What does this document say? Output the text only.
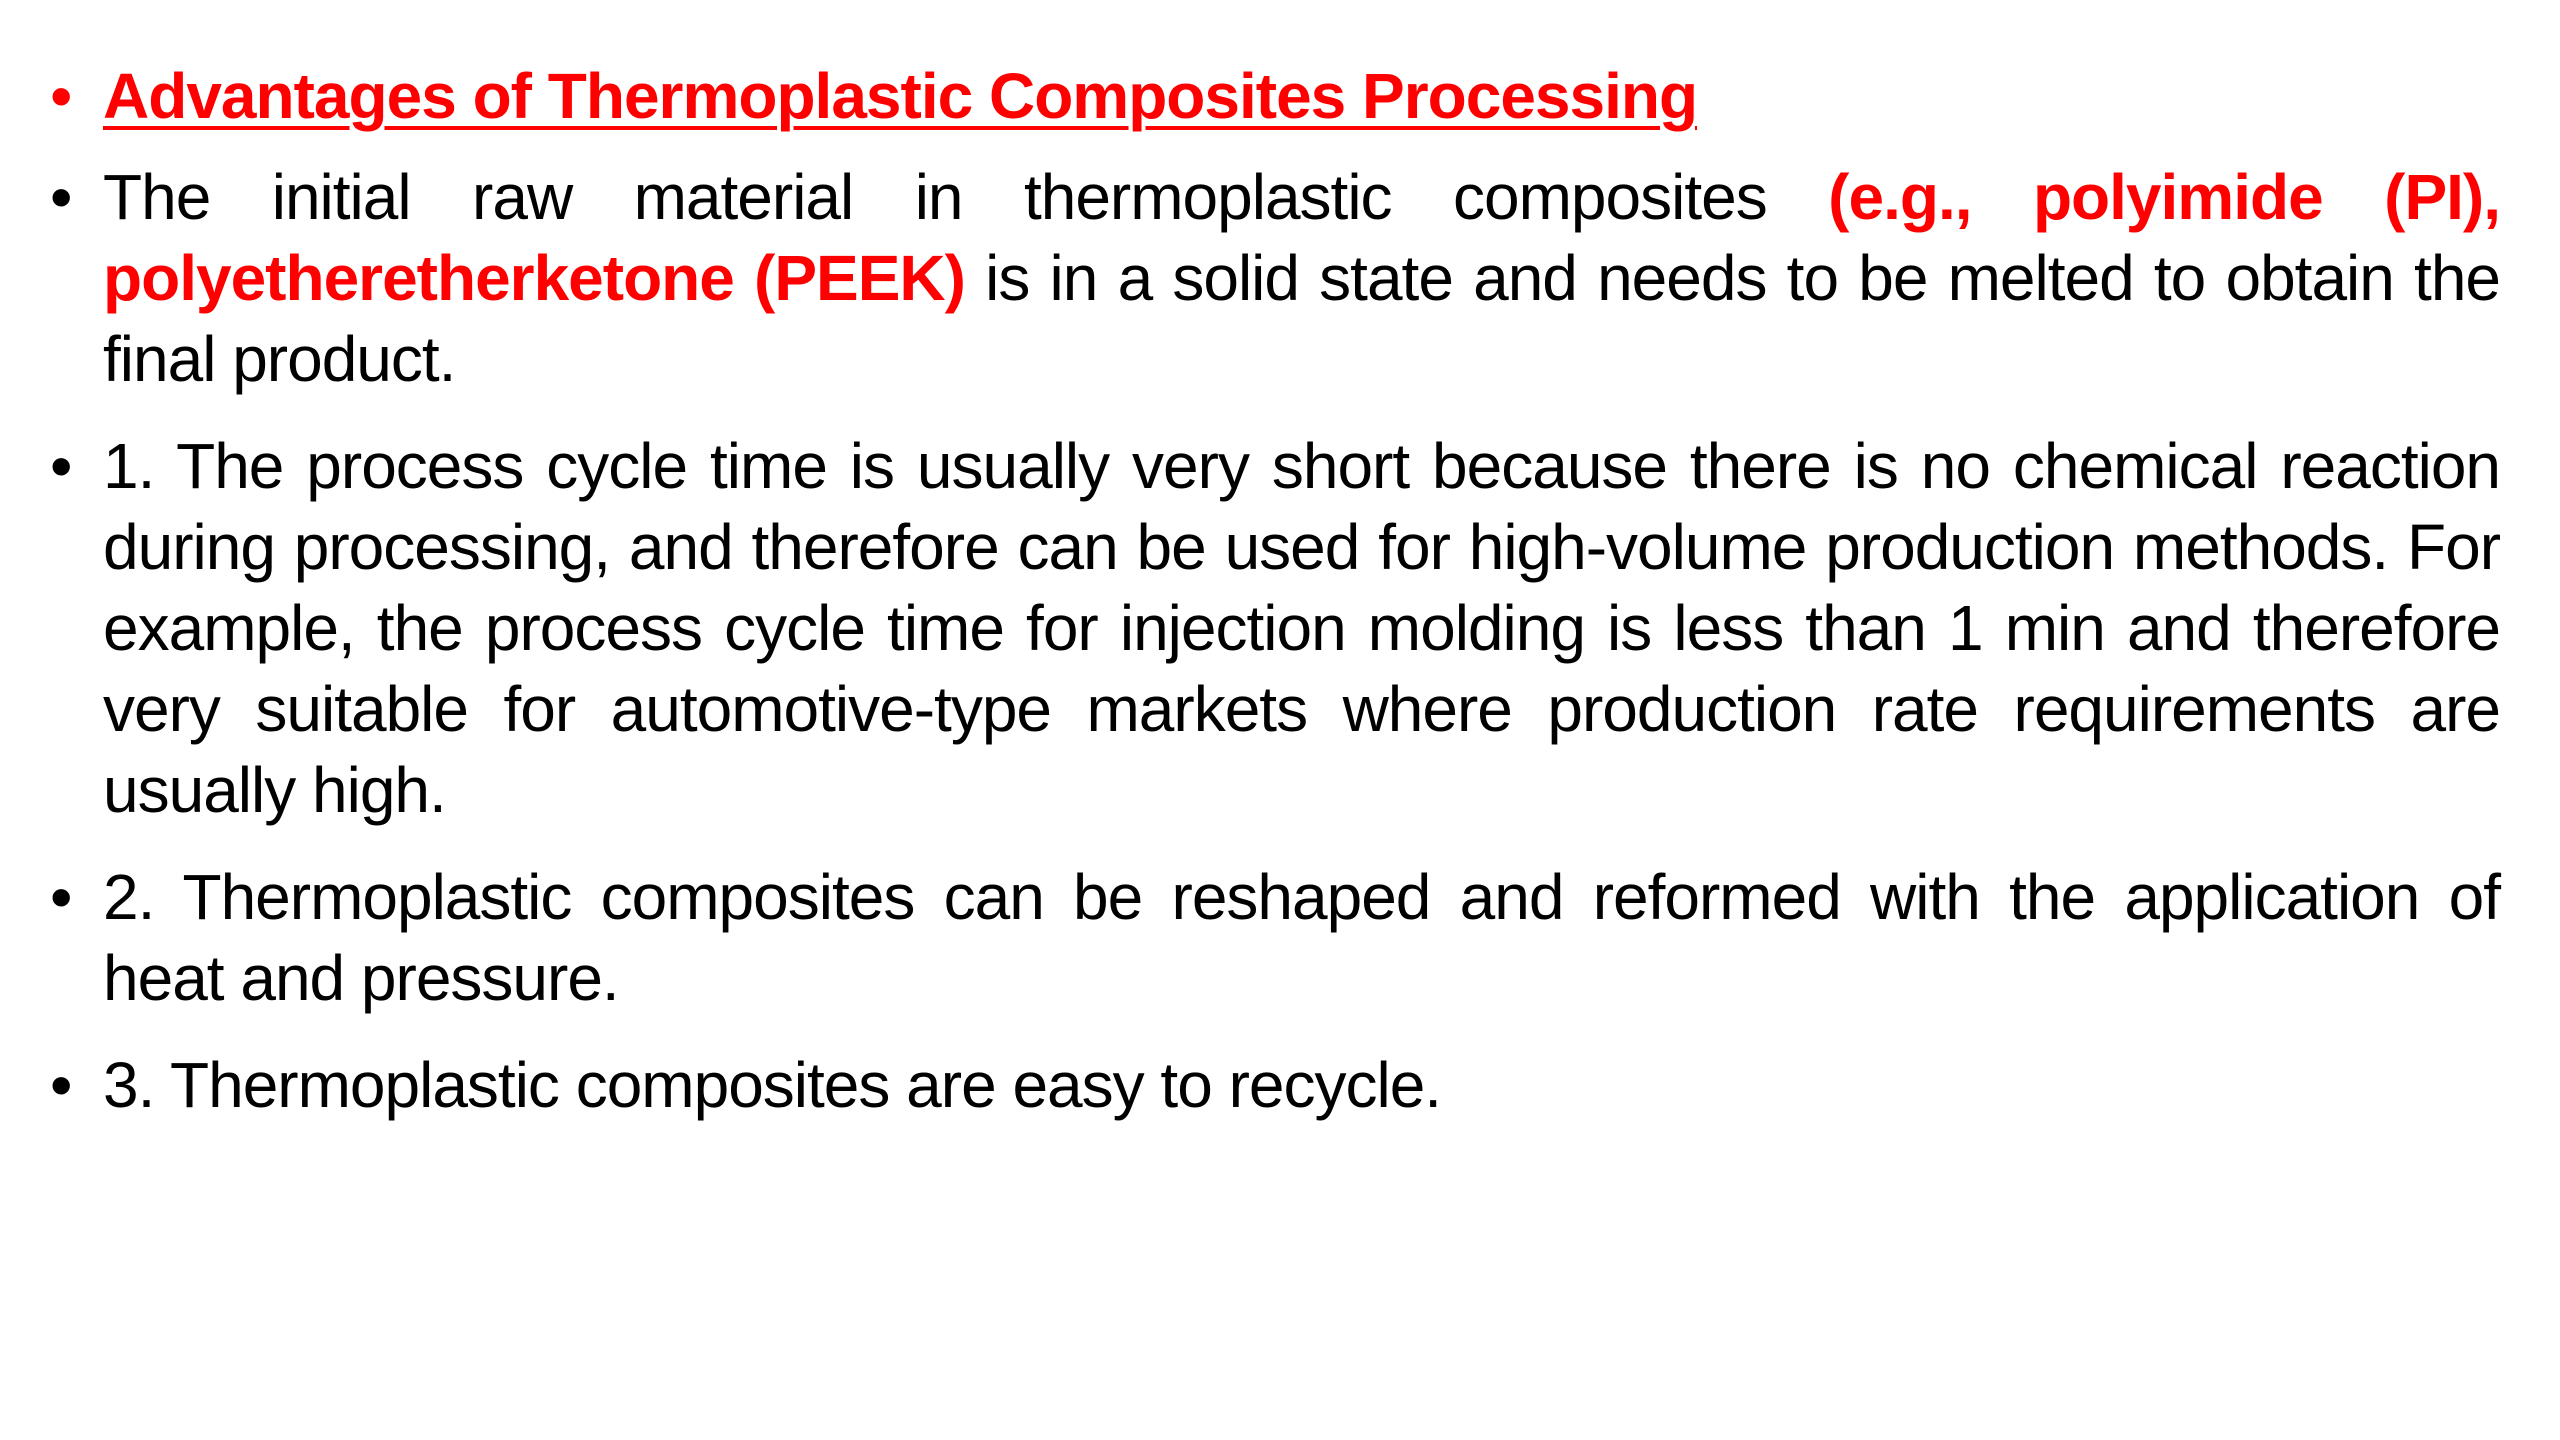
• Advantages of Thermoplastic Composites Processing
• The initial raw material in thermoplastic composites (e.g., polyimide (PI), polyetheretherketone (PEEK) is in a solid state and needs to be melted to obtain the final product.
• 1. The process cycle time is usually very short because there is no chemical reaction during processing, and therefore can be used for high-volume production methods. For example, the process cycle time for injection molding is less than 1 min and therefore very suitable for automotive-type markets where production rate requirements are usually high.
• 2. Thermoplastic composites can be reshaped and reformed with the application of heat and pressure.
• 3. Thermoplastic composites are easy to recycle.
